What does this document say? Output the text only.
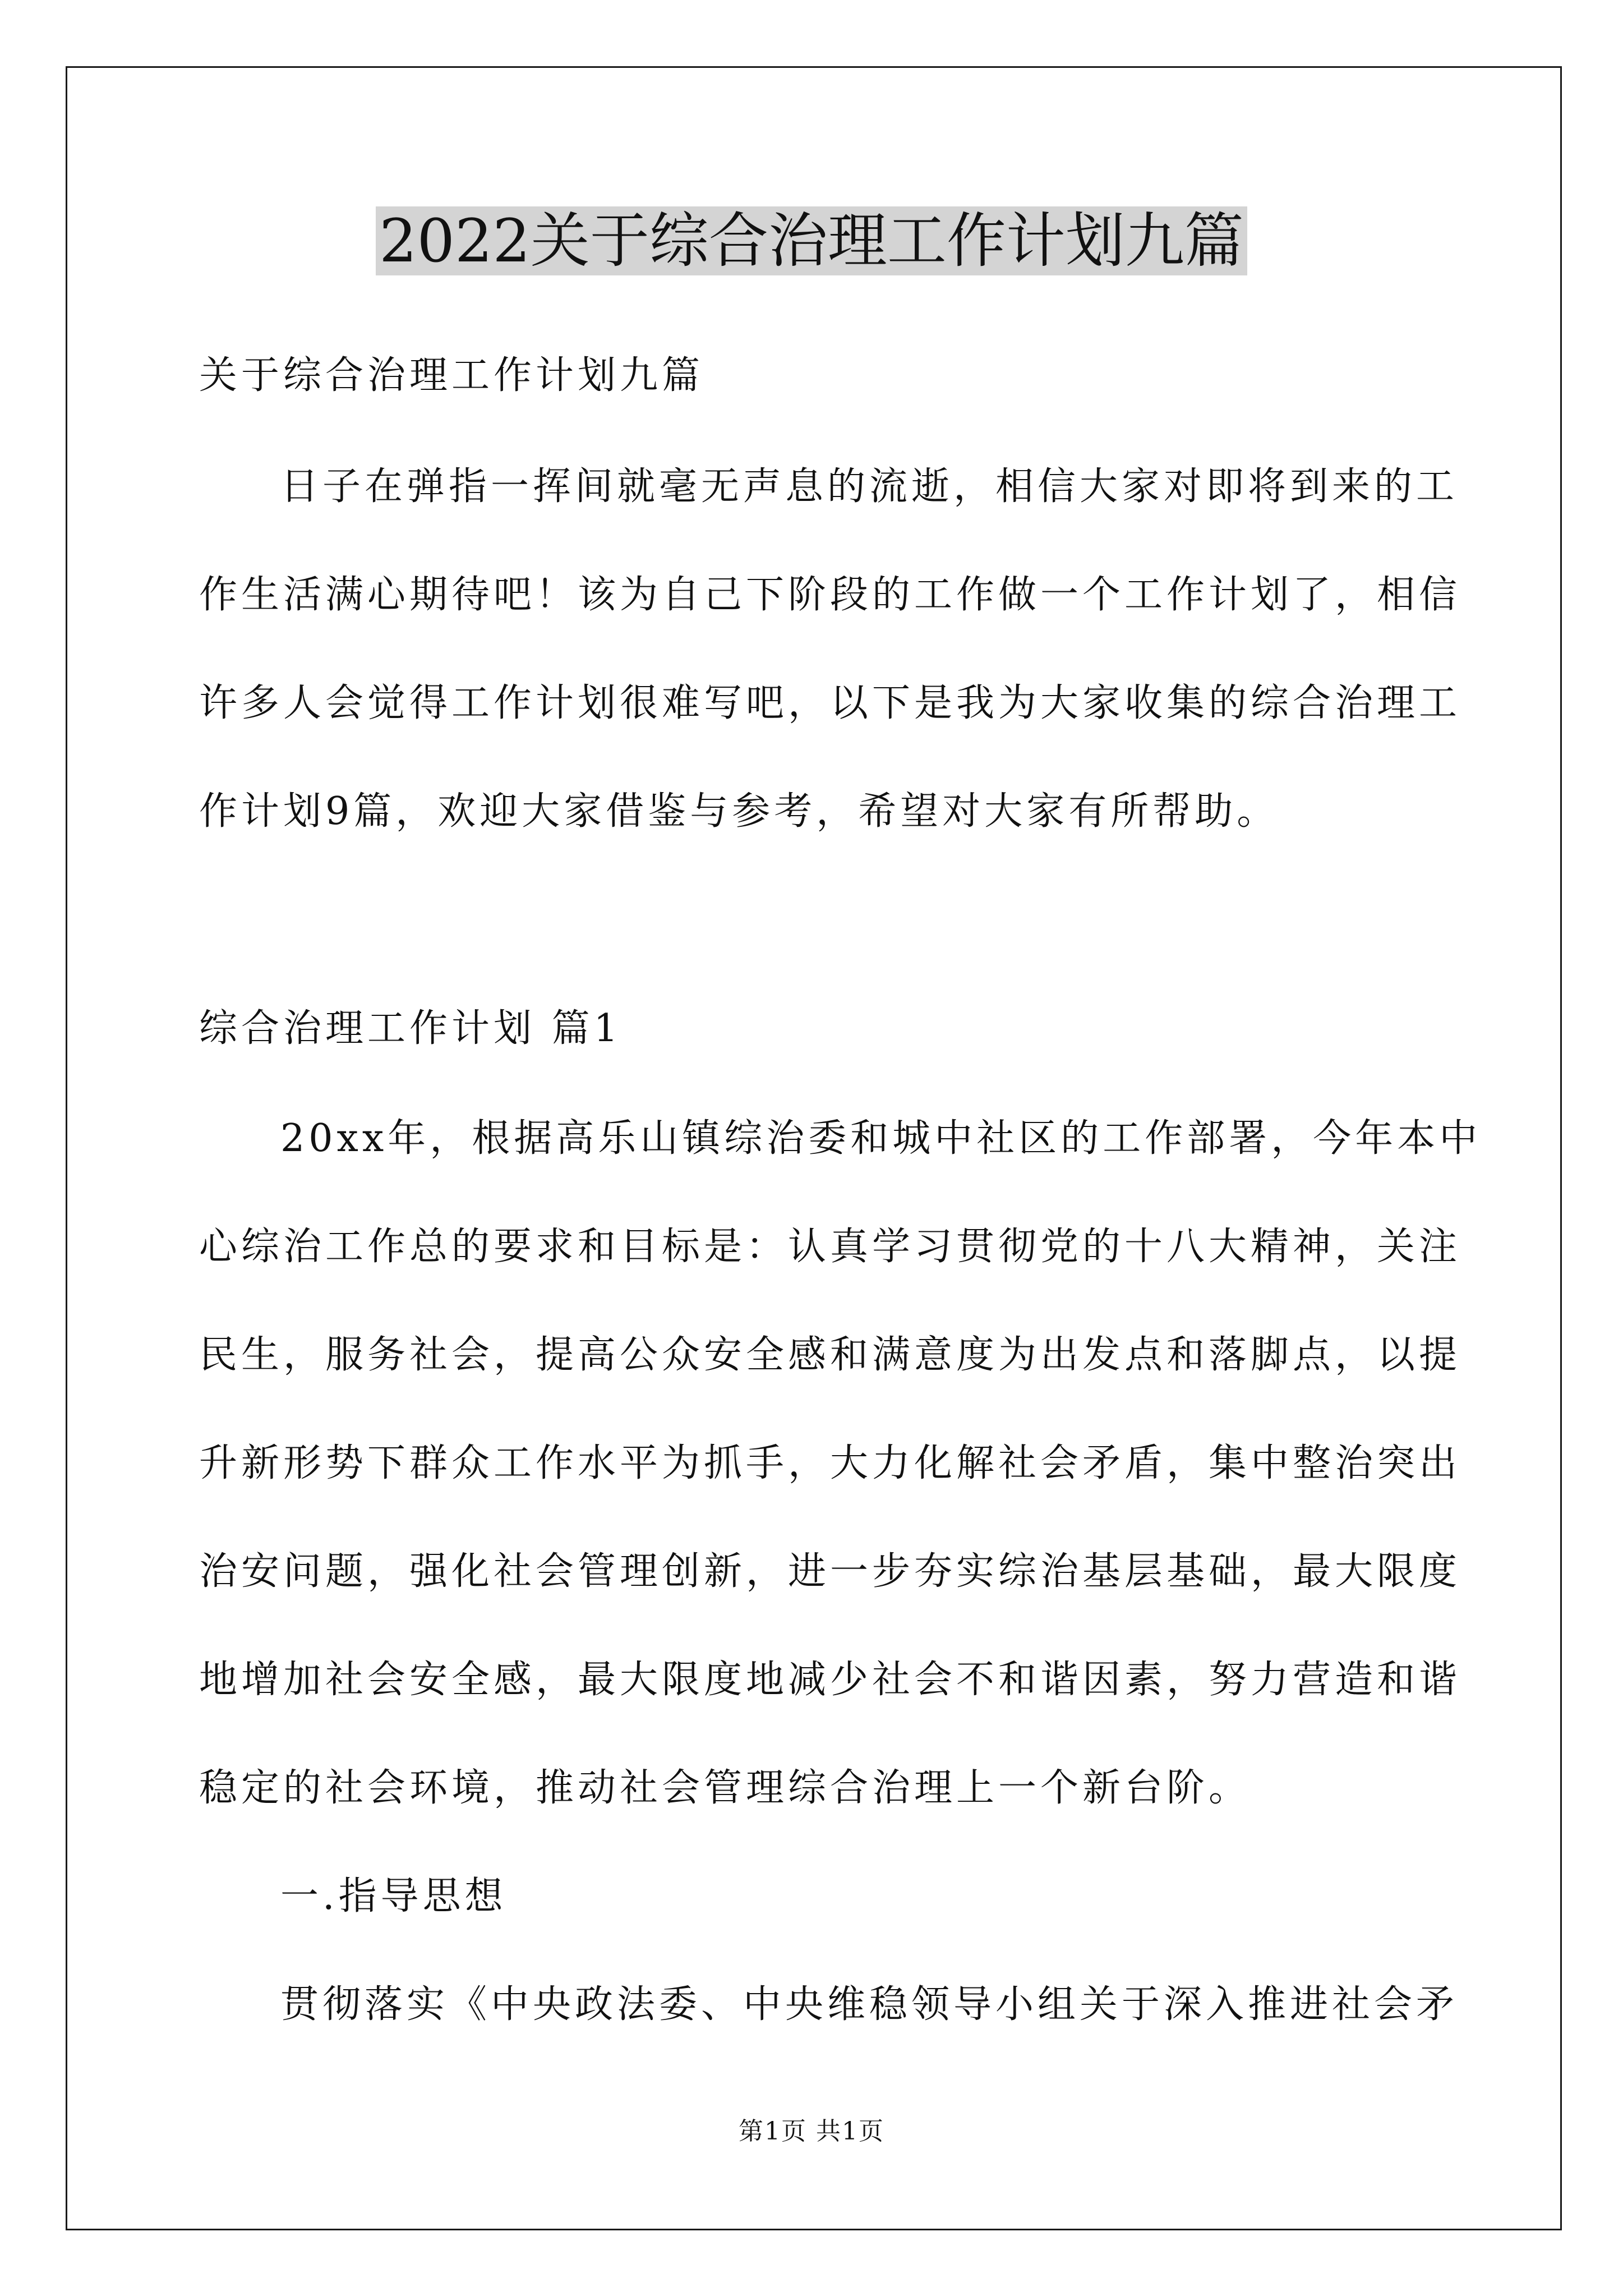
2022关于综合治理工作计划九篇
关于综合治理工作计划九篇
日子在弹指一挥间就毫无声息的流逝，相信大家对即将到来的工
作生活满心期待吧！该为自己下阶段的工作做一个工作计划了，相信
许多人会觉得工作计划很难写吧，以下是我为大家收集的综合治理工
作计划9篇，欢迎大家借鉴与参考，希望对大家有所帮助。
综合治理工作计划 篇1
20xx年，根据高乐山镇综治委和城中社区的工作部署，今年本中
心综治工作总的要求和目标是：认真学习贯彻党的十八大精神，关注
民生，服务社会，提高公众安全感和满意度为出发点和落脚点，以提
升新形势下群众工作水平为抓手，大力化解社会矛盾，集中整治突出
治安问题，强化社会管理创新，进一步夯实综治基层基础，最大限度
地增加社会安全感，最大限度地减少社会不和谐因素，努力营造和谐
稳定的社会环境，推动社会管理综合治理上一个新台阶。
一.指导思想
贯彻落实《中央政法委、中央维稳领导小组关于深入推进社会矛
第1页 共1页
